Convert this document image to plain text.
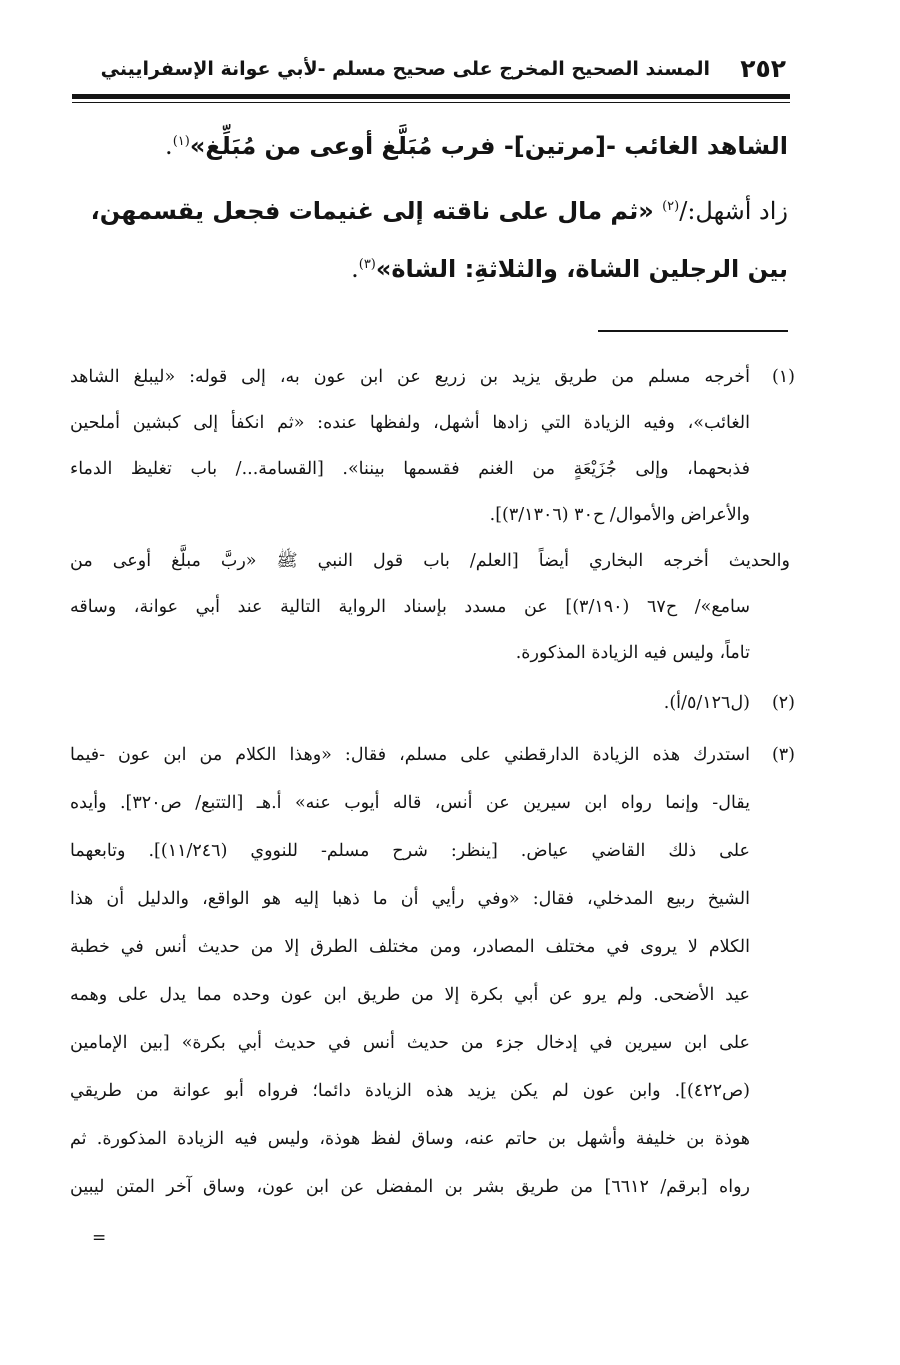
٢٥٢
المسند الصحيح المخرج على صحيح مسلم -لأبي عوانة الإسفراييني
الشاهد الغائب -[مرتين]- فرب مُبَلَّغ أوعى من مُبَلِّغ»$^{(١)}$.
زاد أشهل:/$^{(٢)}$ «ثم مال على ناقته إلى غنيمات فجعل يقسمهن،
بين الرجلين الشاة، والثلاثةِ: الشاة»$^{(٣)}$.
(١)
أخرجه مسلم من طريق يزيد بن زريع عن ابن عون به، إلى قوله: «ليبلغ الشاهد
الغائب»، وفيه الزيادة التي زادها أشهل، ولفظها عنده: «ثم انكفأ إلى كبشين أملحين
فذبحهما، وإلى جُزَيْعَةٍ من الغنم فقسمها بيننا». [القسامة.../ باب تغليظ الدماء
والأعراض والأموال/ ح٣٠ (٣/١٣٠٦)].
والحديث أخرجه البخاري أيضاً [العلم/ باب قول النبي ﷺ «ربَّ مبلَّغ أوعى من
سامع»/ ح٦٧ (٣/١٩٠)] عن مسدد بإسناد الرواية التالية عند أبي عوانة، وساقه
تاماً، وليس فيه الزيادة المذكورة.
(٢)
(ل٥/١٢٦/أ).
(٣)
استدرك هذه الزيادة الدارقطني على مسلم، فقال: «وهذا الكلام من ابن عون -فيما
يقال- وإنما رواه ابن سيرين عن أنس، قاله أيوب عنه» أ.هـ [التتبع/ ص٣٢٠]. وأيده
على ذلك القاضي عياض. [ينظر: شرح مسلم- للنووي (١١/٢٤٦)]. وتابعهما
الشيخ ربيع المدخلي، فقال: «وفي رأيي أن ما ذهبا إليه هو الواقع، والدليل أن هذا
الكلام لا يروى في مختلف المصادر، ومن مختلف الطرق إلا من حديث أنس في خطبة
عيد الأضحى. ولم يرو عن أبي بكرة إلا من طريق ابن عون وحده مما يدل على وهمه
على ابن سيرين في إدخال جزء من حديث أنس في حديث أبي بكرة» [بين الإمامين
(ص٤٢٢)]. وابن عون لم يكن يزيد هذه الزيادة دائما؛ فرواه أبو عوانة من طريقي
هوذة بن خليفة وأشهل بن حاتم عنه، وساق لفظ هوذة، وليس فيه الزيادة المذكورة. ثم
رواه [برقم/ ٦٦١٢] من طريق بشر بن المفضل عن ابن عون، وساق آخر المتن ليبين
=
